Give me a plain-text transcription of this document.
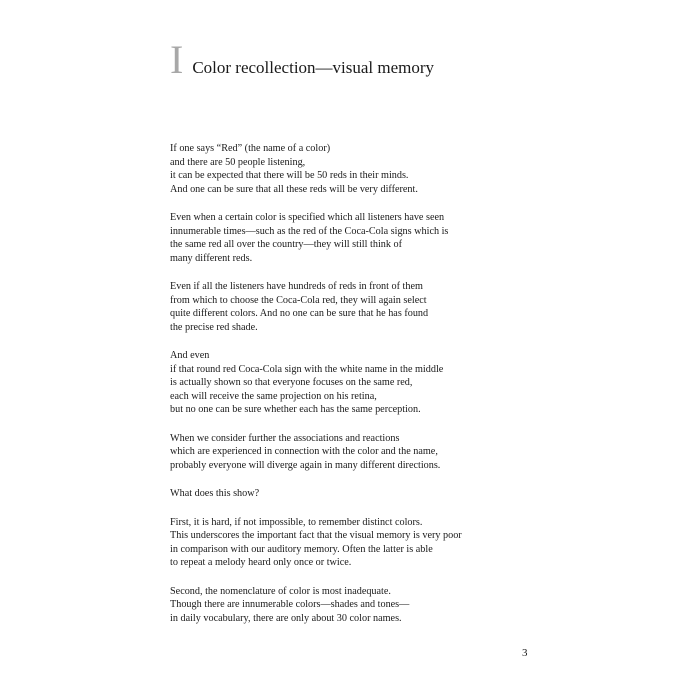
I Color recollection—visual memory
If one says “Red” (the name of a color)
and there are 50 people listening,
it can be expected that there will be 50 reds in their minds.
And one can be sure that all these reds will be very different.
Even when a certain color is specified which all listeners have seen
innumerable times—such as the red of the Coca-Cola signs which is
the same red all over the country—they will still think of
many different reds.
Even if all the listeners have hundreds of reds in front of them
from which to choose the Coca-Cola red, they will again select
quite different colors. And no one can be sure that he has found
the precise red shade.
And even
if that round red Coca-Cola sign with the white name in the middle
is actually shown so that everyone focuses on the same red,
each will receive the same projection on his retina,
but no one can be sure whether each has the same perception.
When we consider further the associations and reactions
which are experienced in connection with the color and the name,
probably everyone will diverge again in many different directions.
What does this show?
First, it is hard, if not impossible, to remember distinct colors.
This underscores the important fact that the visual memory is very poor
in comparison with our auditory memory. Often the latter is able
to repeat a melody heard only once or twice.
Second, the nomenclature of color is most inadequate.
Though there are innumerable colors—shades and tones—
in daily vocabulary, there are only about 30 color names.
3
